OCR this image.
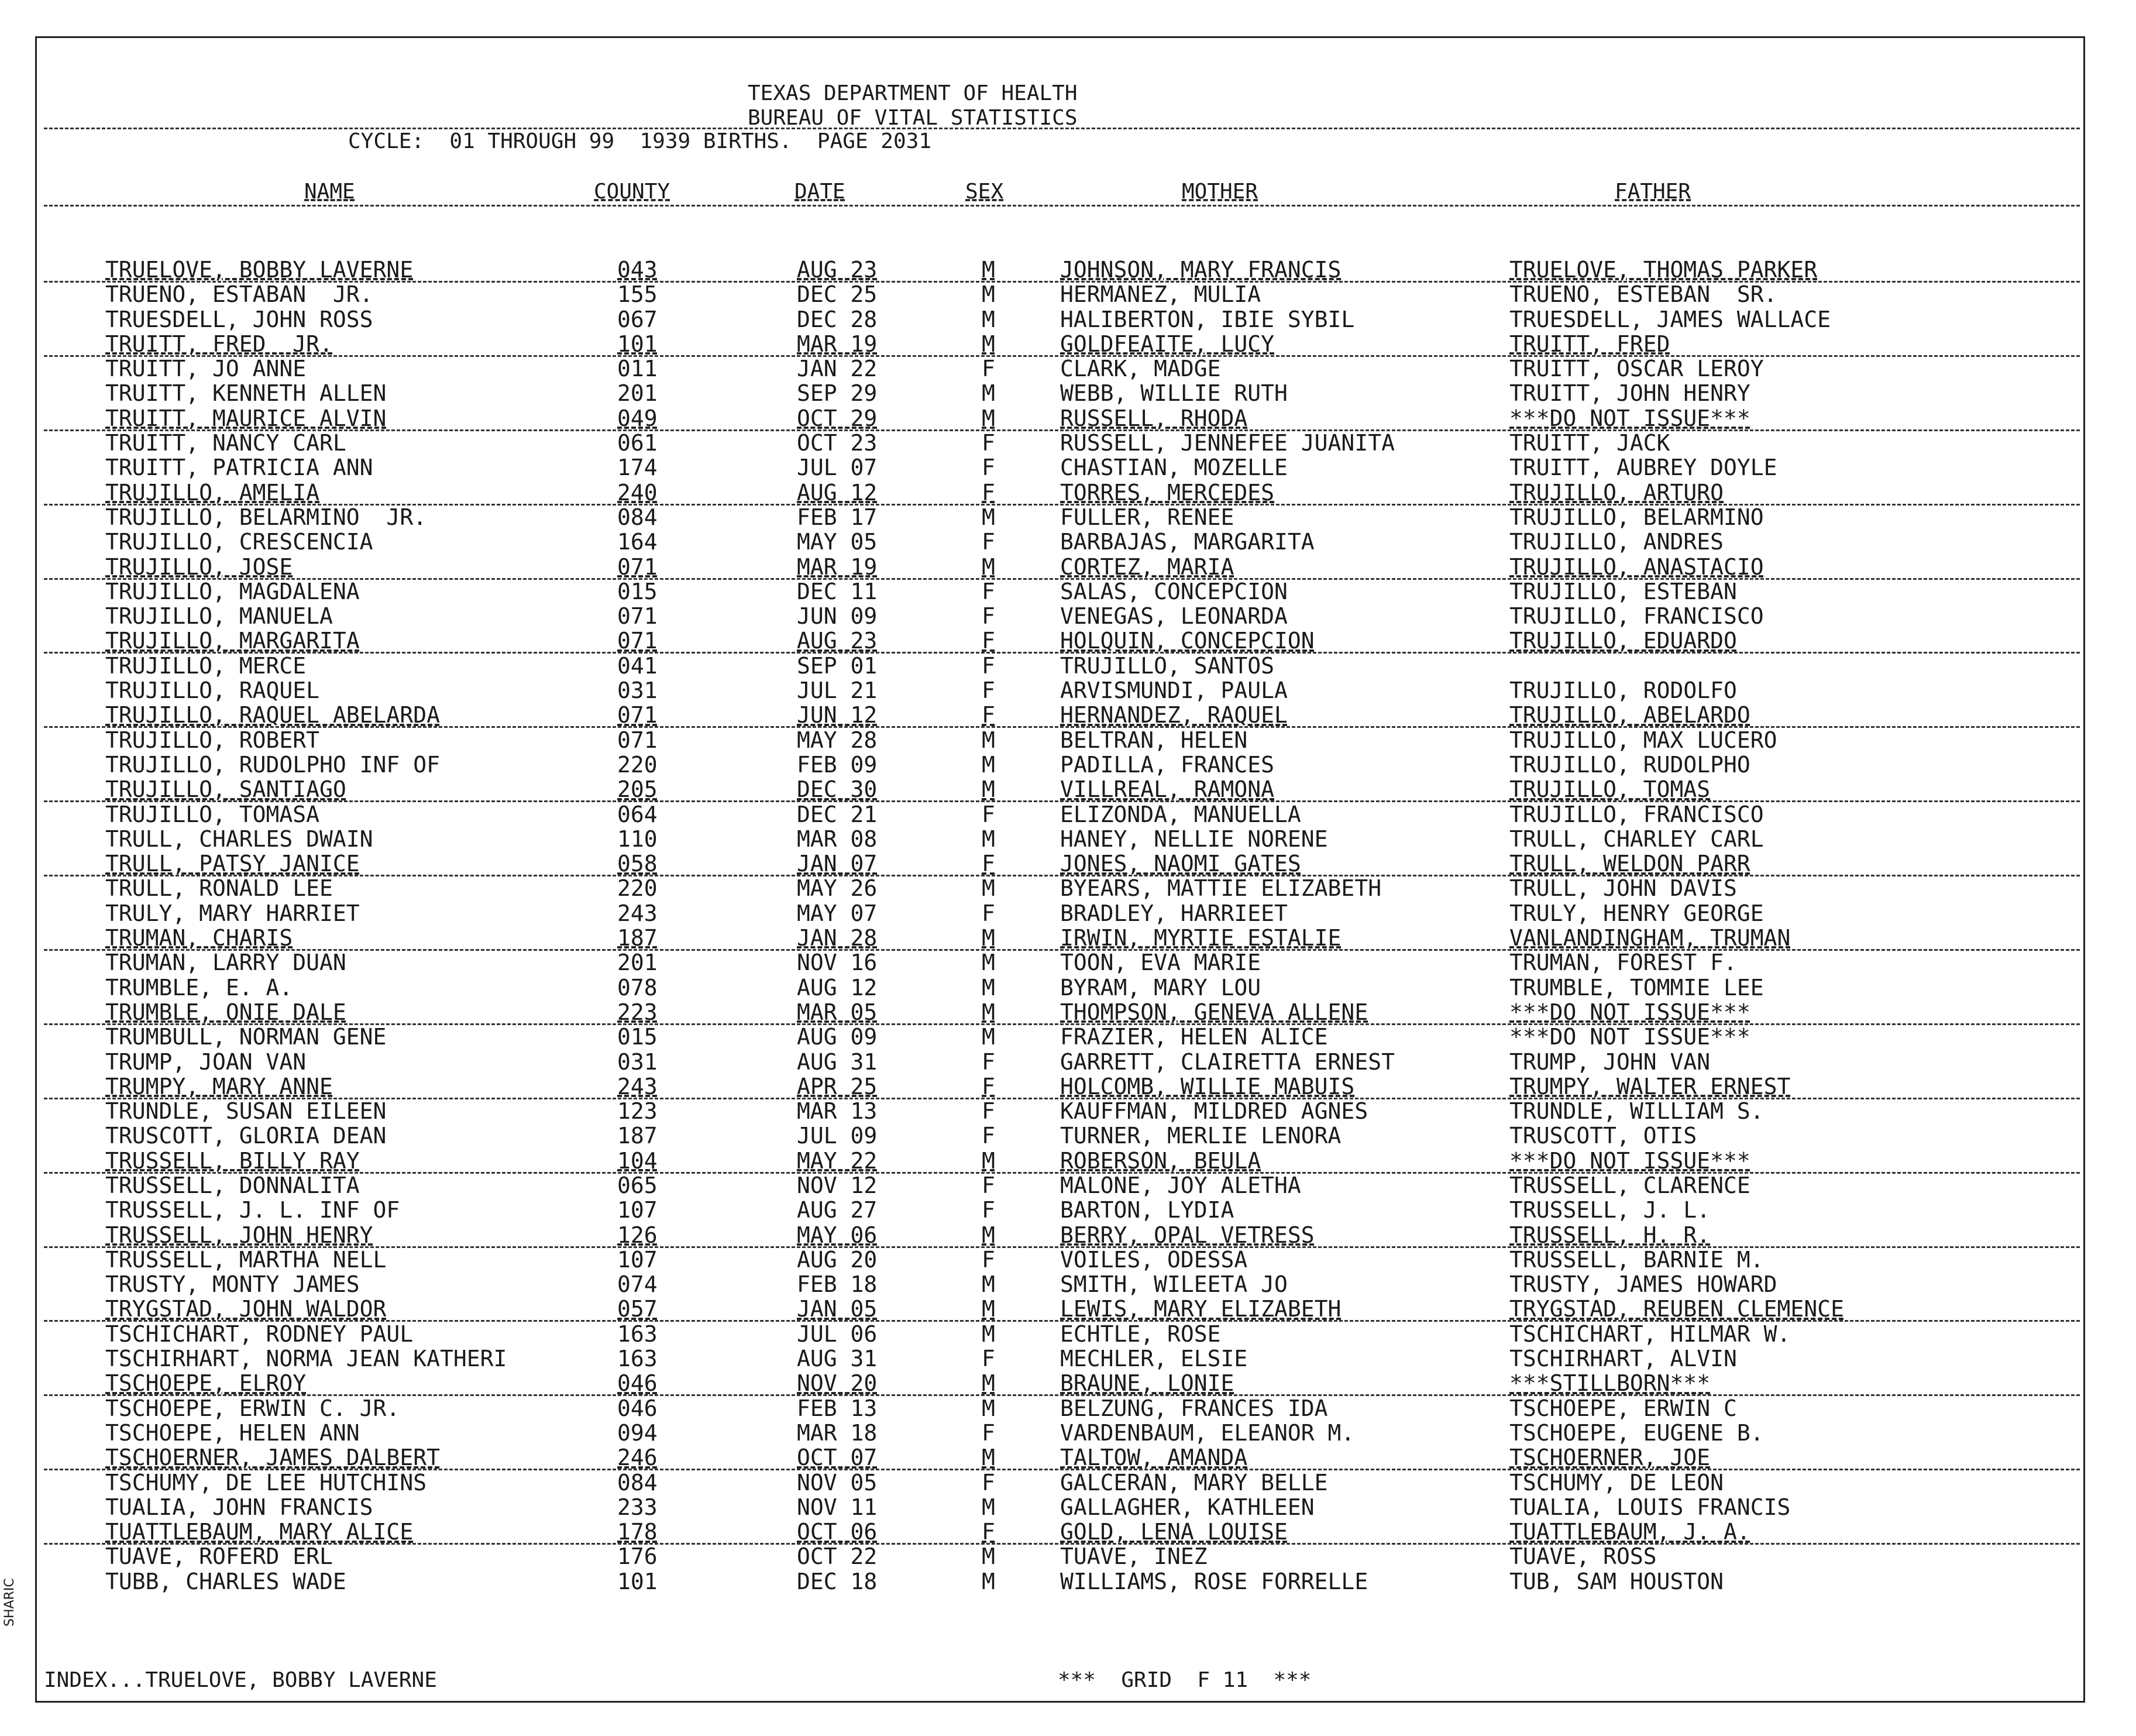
TEXAS DEPARTMENT OF HEALTH
BUREAU OF VITAL STATISTICS
CYCLE:  01 THROUGH 99  1939 BIRTHS.  PAGE 2031
NAME	COUNTY	DATE	SEX	MOTHER	FATHER
TRUELOVE, BOBBY LAVERNE	043	AUG 23	M	JOHNSON, MARY FRANCIS	TRUELOVE, THOMAS PARKER
TRUENO, ESTABAN  JR.	155	DEC 25	M	HERMANEZ, MULIA	TRUENO, ESTEBAN  SR.
TRUESDELL, JOHN ROSS	067	DEC 28	M	HALIBERTON, IBIE SYBIL	TRUESDELL, JAMES WALLACE
TRUITT, FRED  JR.	101	MAR 19	M	GOLDFEAITE, LUCY	TRUITT, FRED
TRUITT, JO ANNE	011	JAN 22	F	CLARK, MADGE	TRUITT, OSCAR LEROY
TRUITT, KENNETH ALLEN	201	SEP 29	M	WEBB, WILLIE RUTH	TRUITT, JOHN HENRY
TRUITT, MAURICE ALVIN	049	OCT 29	M	RUSSELL, RHODA	***DO NOT ISSUE***
TRUITT, NANCY CARL	061	OCT 23	F	RUSSELL, JENNEFEE JUANITA	TRUITT, JACK
TRUITT, PATRICIA ANN	174	JUL 07	F	CHASTIAN, MOZELLE	TRUITT, AUBREY DOYLE
TRUJILLO, AMELIA	240	AUG 12	F	TORRES, MERCEDES	TRUJILLO, ARTURO
TRUJILLO, BELARMINO  JR.	084	FEB 17	M	FULLER, RENEE	TRUJILLO, BELARMINO
TRUJILLO, CRESCENCIA	164	MAY 05	F	BARBAJAS, MARGARITA	TRUJILLO, ANDRES
TRUJILLO, JOSE	071	MAR 19	M	CORTEZ, MARIA	TRUJILLO, ANASTACIO
TRUJILLO, MAGDALENA	015	DEC 11	F	SALAS, CONCEPCION	TRUJILLO, ESTEBAN
TRUJILLO, MANUELA	071	JUN 09	F	VENEGAS, LEONARDA	TRUJILLO, FRANCISCO
TRUJILLO, MARGARITA	071	AUG 23	F	HOLQUIN, CONCEPCION	TRUJILLO, EDUARDO
TRUJILLO, MERCE	041	SEP 01	F	TRUJILLO, SANTOS
TRUJILLO, RAQUEL	031	JUL 21	F	ARVISMUNDI, PAULA	TRUJILLO, RODOLFO
TRUJILLO, RAQUEL ABELARDA	071	JUN 12	F	HERNANDEZ, RAQUEL	TRUJILLO, ABELARDO
TRUJILLO, ROBERT	071	MAY 28	M	BELTRAN, HELEN	TRUJILLO, MAX LUCERO
TRUJILLO, RUDOLPHO INF OF	220	FEB 09	M	PADILLA, FRANCES	TRUJILLO, RUDOLPHO
TRUJILLO, SANTIAGO	205	DEC 30	M	VILLREAL, RAMONA	TRUJILLO, TOMAS
TRUJILLO, TOMASA	064	DEC 21	F	ELIZONDA, MANUELLA	TRUJILLO, FRANCISCO
TRULL, CHARLES DWAIN	110	MAR 08	M	HANEY, NELLIE NORENE	TRULL, CHARLEY CARL
TRULL, PATSY JANICE	058	JAN 07	F	JONES, NAOMI GATES	TRULL, WELDON PARR
TRULL, RONALD LEE	220	MAY 26	M	BYEARS, MATTIE ELIZABETH	TRULL, JOHN DAVIS
TRULY, MARY HARRIET	243	MAY 07	F	BRADLEY, HARRIEET	TRULY, HENRY GEORGE
TRUMAN, CHARIS	187	JAN 28	M	IRWIN, MYRTIE ESTALIE	VANLANDINGHAM, TRUMAN
TRUMAN, LARRY DUAN	201	NOV 16	M	TOON, EVA MARIE	TRUMAN, FOREST F.
TRUMBLE, E. A.	078	AUG 12	M	BYRAM, MARY LOU	TRUMBLE, TOMMIE LEE
TRUMBLE, ONIE DALE	223	MAR 05	M	THOMPSON, GENEVA ALLENE	***DO NOT ISSUE***
TRUMBULL, NORMAN GENE	015	AUG 09	M	FRAZIER, HELEN ALICE	***DO NOT ISSUE***
TRUMP, JOAN VAN	031	AUG 31	F	GARRETT, CLAIRETTA ERNEST	TRUMP, JOHN VAN
TRUMPY, MARY ANNE	243	APR 25	F	HOLCOMB, WILLIE MABUIS	TRUMPY, WALTER ERNEST
TRUNDLE, SUSAN EILEEN	123	MAR 13	F	KAUFFMAN, MILDRED AGNES	TRUNDLE, WILLIAM S.
TRUSCOTT, GLORIA DEAN	187	JUL 09	F	TURNER, MERLIE LENORA	TRUSCOTT, OTIS
TRUSSELL, BILLY RAY	104	MAY 22	M	ROBERSON, BEULA	***DO NOT ISSUE***
TRUSSELL, DONNALITA	065	NOV 12	F	MALONE, JOY ALETHA	TRUSSELL, CLARENCE
TRUSSELL, J. L. INF OF	107	AUG 27	F	BARTON, LYDIA	TRUSSELL, J. L.
TRUSSELL, JOHN HENRY	126	MAY 06	M	BERRY, OPAL VETRESS	TRUSSELL, H. R.
TRUSSELL, MARTHA NELL	107	AUG 20	F	VOILES, ODESSA	TRUSSELL, BARNIE M.
TRUSTY, MONTY JAMES	074	FEB 18	M	SMITH, WILEETA JO	TRUSTY, JAMES HOWARD
TRYGSTAD, JOHN WALDOR	057	JAN 05	M	LEWIS, MARY ELIZABETH	TRYGSTAD, REUBEN CLEMENCE
TSCHICHART, RODNEY PAUL	163	JUL 06	M	ECHTLE, ROSE	TSCHICHART, HILMAR W.
TSCHIRHART, NORMA JEAN KATHERI	163	AUG 31	F	MECHLER, ELSIE	TSCHIRHART, ALVIN
TSCHOEPE, ELROY	046	NOV 20	M	BRAUNE, LONIE	***STILLBORN***
TSCHOEPE, ERWIN C. JR.	046	FEB 13	M	BELZUNG, FRANCES IDA	TSCHOEPE, ERWIN C
TSCHOEPE, HELEN ANN	094	MAR 18	F	VARDENBAUM, ELEANOR M.	TSCHOEPE, EUGENE B.
TSCHOERNER, JAMES DALBERT	246	OCT 07	M	TALTOW, AMANDA	TSCHOERNER, JOE
TSCHUMY, DE LEE HUTCHINS	084	NOV 05	F	GALCERAN, MARY BELLE	TSCHUMY, DE LEON
TUALIA, JOHN FRANCIS	233	NOV 11	M	GALLAGHER, KATHLEEN	TUALIA, LOUIS FRANCIS
TUATTLEBAUM, MARY ALICE	178	OCT 06	F	GOLD, LENA LOUISE	TUATTLEBAUM, J. A.
TUAVE, ROFERD ERL	176	OCT 22	M	TUAVE, INEZ	TUAVE, ROSS
TUBB, CHARLES WADE	101	DEC 18	M	WILLIAMS, ROSE FORRELLE	TUB, SAM HOUSTON
INDEX...TRUELOVE, BOBBY LAVERNE	***  GRID  F 11  ***
SHARIC
